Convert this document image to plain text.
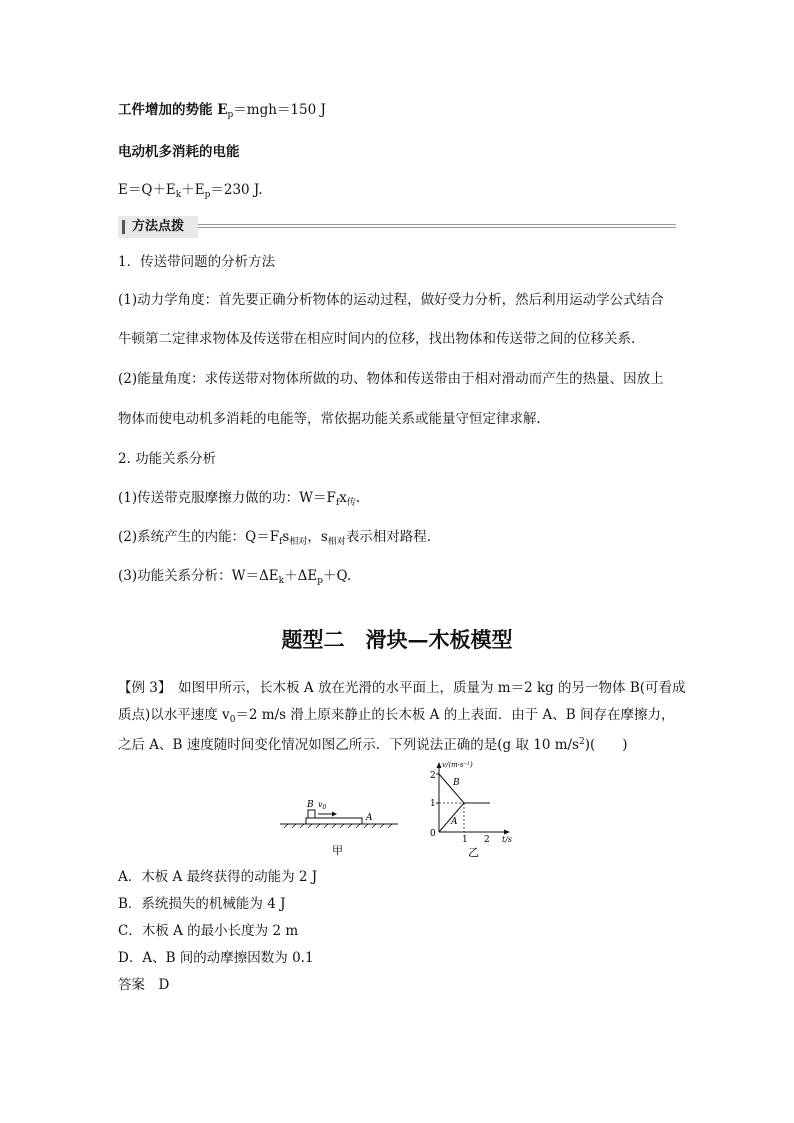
工件增加的势能 $E_p=mgh=150$ J
电动机多消耗的电能
$E=Q+E_k+E_p=230$ J.
方法点拨
1．传送带问题的分析方法
(1)动力学角度：首先要正确分析物体的运动过程，做好受力分析，然后利用运动学公式结合
牛顿第二定律求物体及传送带在相应时间内的位移，找出物体和传送带之间的位移关系.
(2)能量角度：求传送带对物体所做的功、物体和传送带由于相对滑动而产生的热量、因放上
物体而使电动机多消耗的电能等，常依据功能关系或能量守恒定律求解.
2. 功能关系分析
(1)传送带克服摩擦力做的功：$W=F_fx_传$.
(2)系统产生的内能：$Q=F_fs_{相对}$，$s_{相对}$表示相对路程.
(3)功能关系分析：$W=\Delta E_k+\Delta E_p+Q$.
题型二　滑块—木板模型
【例 3】　如图甲所示，长木板 A 放在光滑的水平面上，质量为 m＝2 kg 的另一物体 B(可看成
质点)以水平速度 $v_0=2$ m/s 滑上原来静止的长木板 A 的上表面．由于 A、B 间存在摩擦力，
之后 A、B 速度随时间变化情况如图乙所示．下列说法正确的是(g 取 10 $m/s^2$)(　　)
B $v_0$
A
甲
v/(m·s⁻¹)
t/s
2
1
0
1 2
B
A
乙
A．木板 A 最终获得的动能为 2 J
B．系统损失的机械能为 4 J
C．木板 A 的最小长度为 2 m
D．A、B 间的动摩擦因数为 0.1
答案　D
